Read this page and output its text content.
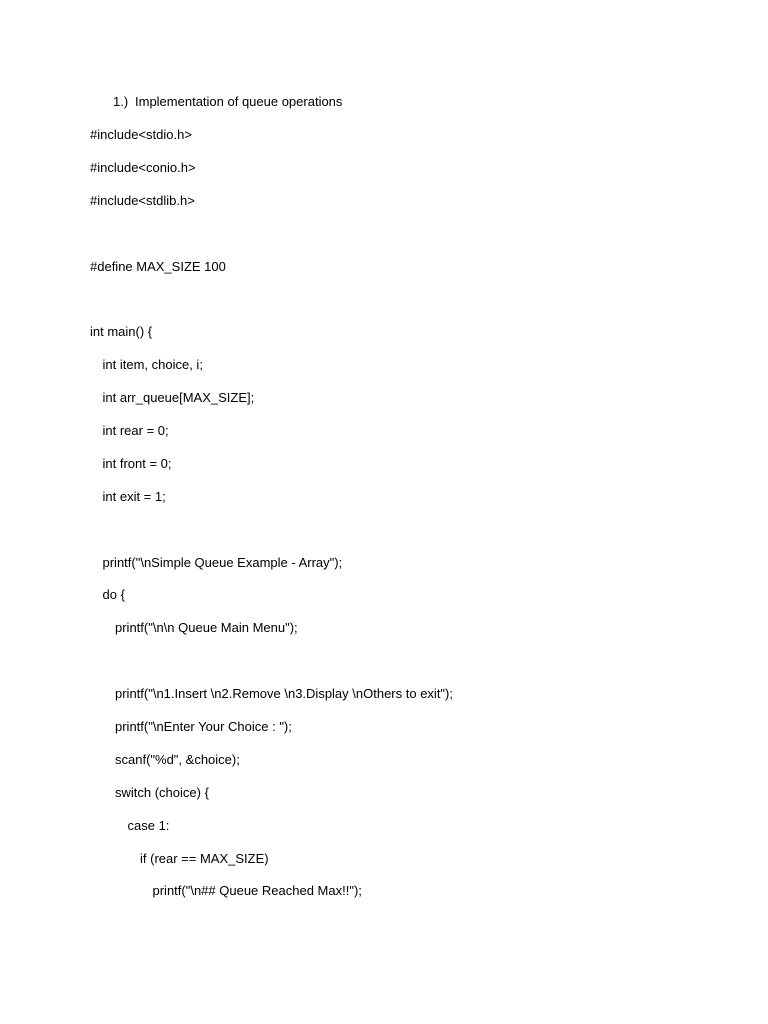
1.) Implementation of queue operations
#include<stdio.h>
#include<conio.h>
#include<stdlib.h>
#define MAX_SIZE 100
int main() {
int item, choice, i;
int arr_queue[MAX_SIZE];
int rear = 0;
int front = 0;
int exit = 1;
printf("\nSimple Queue Example - Array");
do {
printf("\n\n Queue Main Menu");
printf("\n1.Insert \n2.Remove \n3.Display \nOthers to exit");
printf("\nEnter Your Choice : ");
scanf("%d", &choice);
switch (choice) {
case 1:
if (rear == MAX_SIZE)
printf("\n## Queue Reached Max!!");
